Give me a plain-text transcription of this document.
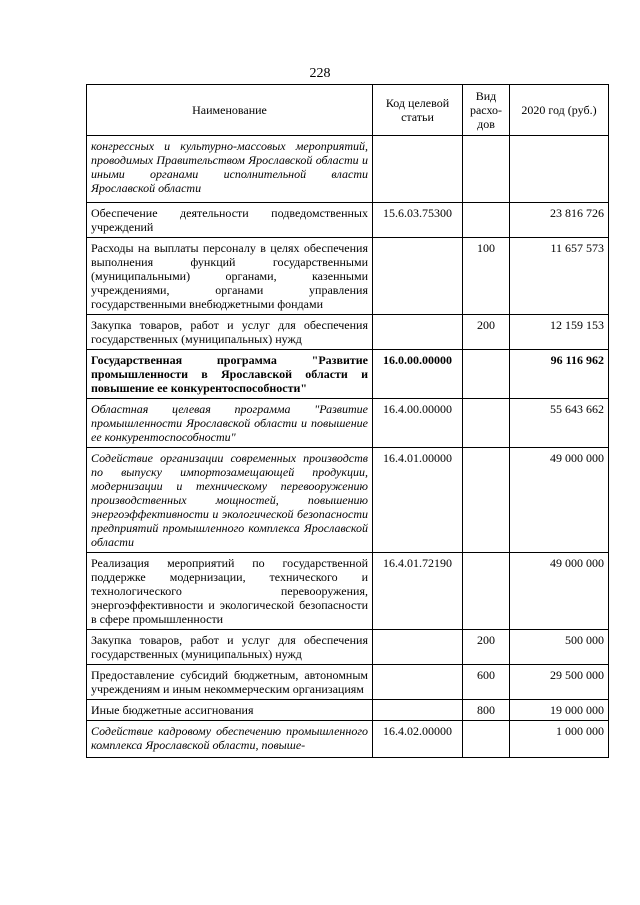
228
Наименование	Код целевой статьи	Вид расхо-дов	2020 год (руб.)
конгрессных и культурно-массовых мероприятий, проводимых Правительством Ярославской области и иными органами исполнительной власти Ярославской области			
Обеспечение деятельности подведомственных учреждений	15.6.03.75300		23 816 726
Расходы на выплаты персоналу в целях обеспечения выполнения функций государственными (муниципальными) органами, казенными учреждениями, органами управления государственными внебюджетными фондами		100	11 657 573
Закупка товаров, работ и услуг для обеспечения государственных (муниципальных) нужд		200	12 159 153
Государственная программа "Развитие промышленности в Ярославской области и повышение ее конкурентоспособности"	16.0.00.00000		96 116 962
Областная целевая программа "Развитие промышленности Ярославской области и повышение ее конкурентоспособности"	16.4.00.00000		55 643 662
Содействие организации современных производств по выпуску импортозамещающей продукции, модернизации и техническому перевооружению производственных мощностей, повышению энергоэффективности и экологической безопасности предприятий промышленного комплекса Ярославской области	16.4.01.00000		49 000 000
Реализация мероприятий по государственной поддержке модернизации, технического и технологического перевооружения, энергоэффективности и экологической безопасности в сфере промышленности	16.4.01.72190		49 000 000
Закупка товаров, работ и услуг для обеспечения государственных (муниципальных) нужд		200	500 000
Предоставление субсидий бюджетным, автономным учреждениям и иным некоммерческим организациям		600	29 500 000
Иные бюджетные ассигнования		800	19 000 000
Содействие кадровому обеспечению промышленного комплекса Ярославской области, повыше-	16.4.02.00000		1 000 000
